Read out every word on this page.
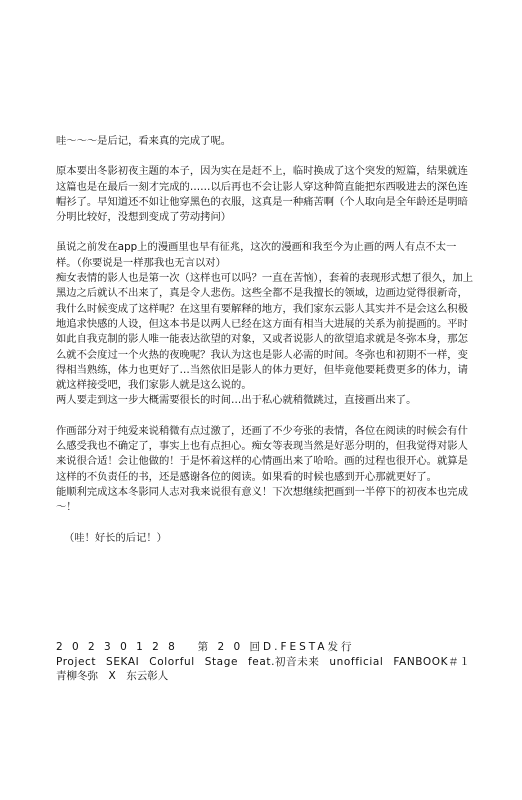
哇～～～是后记，看来真的完成了呢。

原本要出冬影初夜主题的本子，因为实在是赶不上，临时换成了这个突发的短篇，结果就连这篇也是在最后一刻才完成的……以后再也不会让影人穿这种简直能把东西吸进去的深色连帽衫了。早知道还不如让他穿黑色的衣服，这真是一种痛苦啊（个人取向是全年龄还是明暗分明比较好，没想到变成了劳动拷问）

虽说之前发在app上的漫画里也早有征兆，这次的漫画和我至今为止画的两人有点不太一样。（你要说是一样那我也无言以对）

痴女表情的影人也是第一次（这样也可以吗？一直在苦恼），套着的表现形式想了很久，加上黑边之后就认不出来了，真是令人悲伤。这些全都不是我擅长的领域，边画边觉得很新奇，我什么时候变成了这样呢？在这里有要解释的地方，我们家东云影人其实并不是会这么积极地追求快感的人设，但这本书是以两人已经在这方面有相当大进展的关系为前提画的。平时如此自我克制的影人唯一能表达欲望的对象，又或者说影人的欲望追求就是冬弥本身，那怎么就不会度过一个火热的夜晚呢？我认为这也是影人必需的时间。冬弥也和初期不一样，变得相当熟练，体力也更好了…当然依旧是影人的体力更好，但毕竟他要耗费更多的体力，请就这样接受吧，我们家影人就是这么说的。

两人要走到这一步大概需要很长的时间…出于私心就稍微跳过，直接画出来了。

作画部分对于纯爱来说稍微有点过激了，还画了不少夸张的表情，各位在阅读的时候会有什么感受我也不确定了，事实上也有点担心。痴女等表现当然是好恶分明的，但我觉得对影人来说很合适！会让他做的！于是怀着这样的心情画出来了哈哈。画的过程也很开心。就算是这样的不负责任的书，还是感谢各位的阅读。如果看的时候也感到开心那就更好了。

能顺利完成这本冬影同人志对我来说很有意义！下次想继续把画到一半停下的初夜本也完成～！

（哇！好长的后记！）

2 0 2 3 0 1 2 8 　第 2 0 回D.FESTA发行

Project SEKAI Colorful Stage feat.初音未来 unofficial FANBOOK＃１

青柳冬弥　X　东云彰人
